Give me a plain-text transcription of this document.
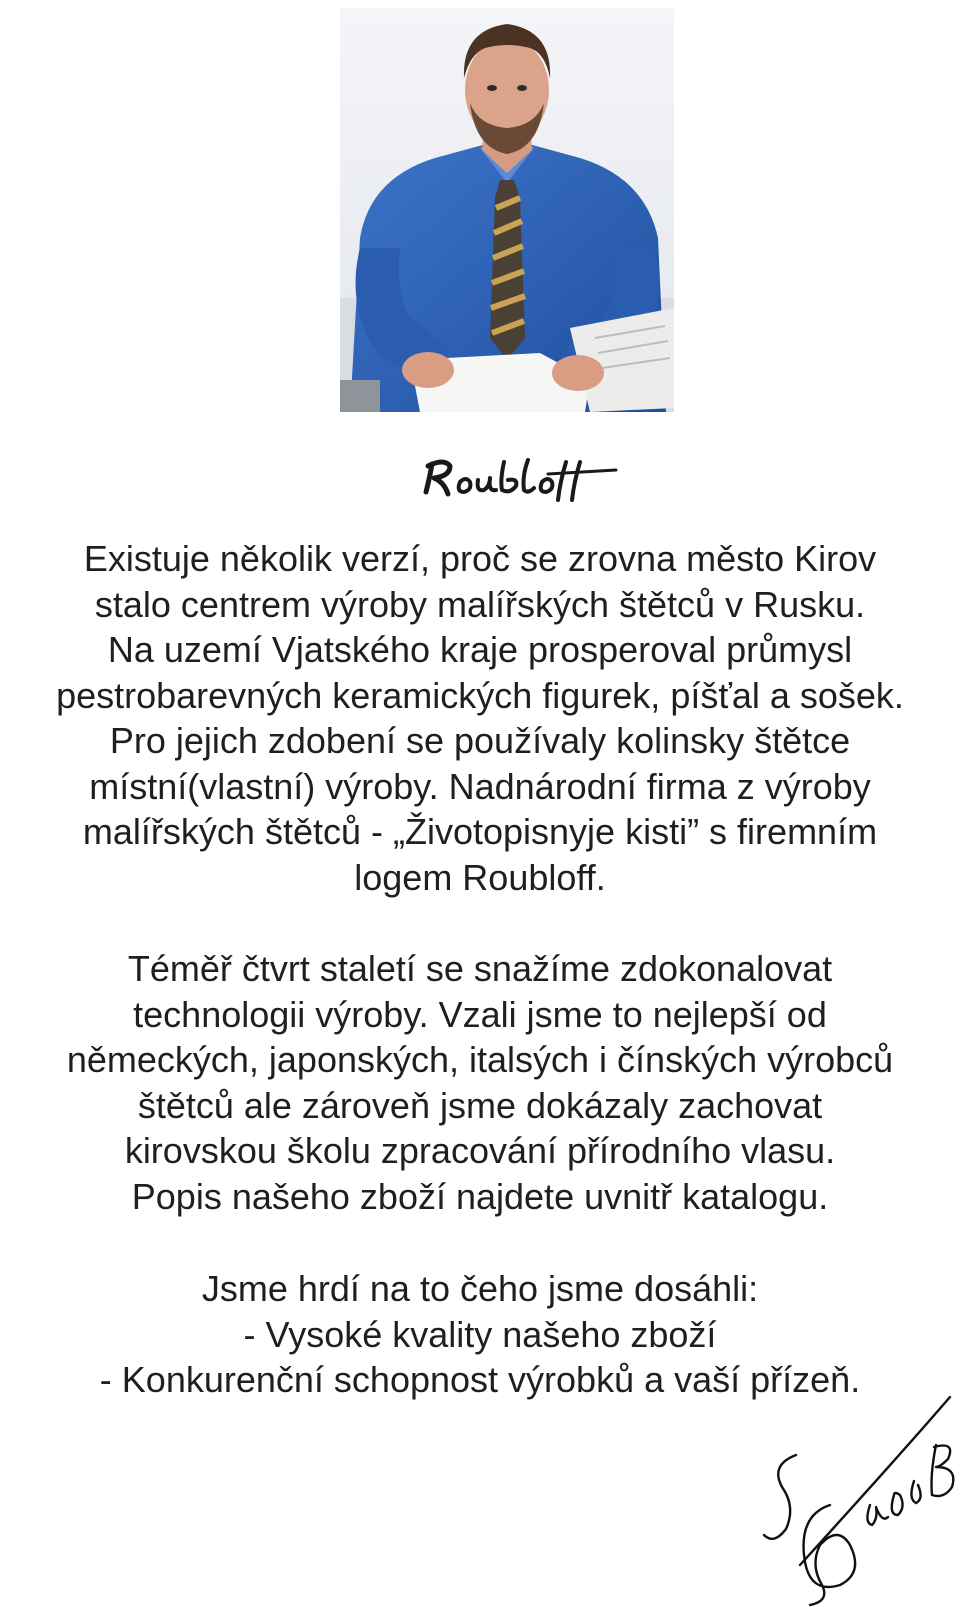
Existuje několik verzí, proč se zrovna město Kirov
stalo centrem výroby malířských štětců v Rusku.
Na uzemí Vjatského kraje prosperoval průmysl
pestrobarevných keramických figurek, píšťal a sošek.
Pro jejich zdobení se používaly kolinsky štětce
místní(vlastní) výroby. Nadnárodní firma z výroby
malířských štětců - „Životopisnyje kisti” s firemním
logem Roubloff.
Téměř čtvrt staletí se snažíme zdokonalovat
technologii výroby. Vzali jsme to nejlepší od
německých, japonských, italsých i čínských výrobců
štětců ale zároveň jsme dokázaly zachovat
kirovskou školu zpracování přírodního vlasu.
Popis našeho zboží najdete uvnitř katalogu.
Jsme hrdí na to čeho jsme dosáhli:
- Vysoké kvality našeho zboží
- Konkurenční schopnost výrobků a vaší přízeň.
